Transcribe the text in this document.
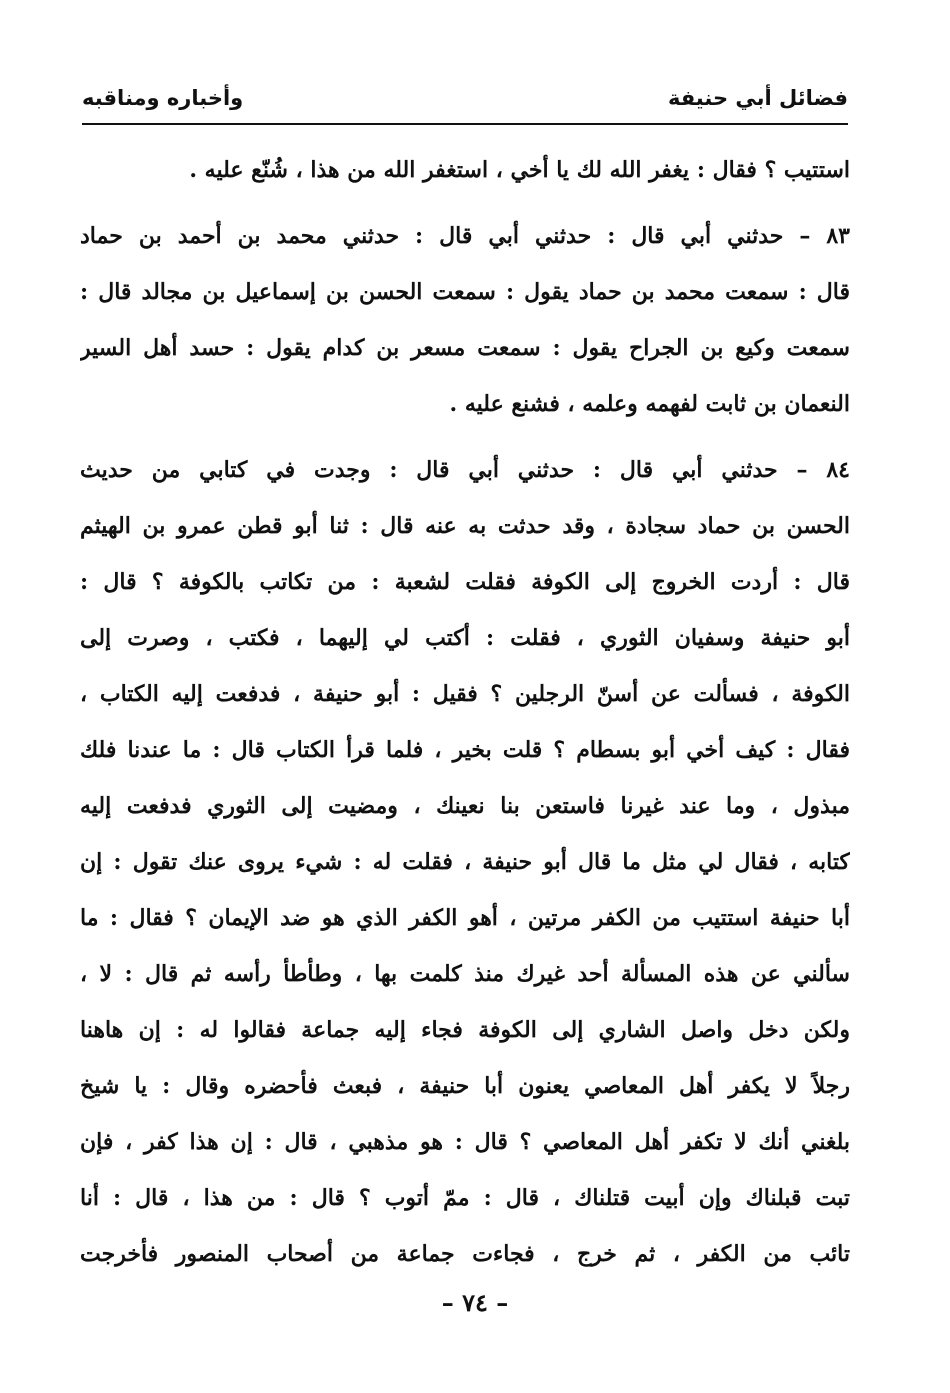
فضائل أبي حنيفة
وأخباره ومناقبه
استتيب ؟ فقال : يغفر الله لك يا أخي ، استغفر الله من هذا ، شُنّع عليه .
٨٣ – حدثني أبي قال : حدثني أبي قال : حدثني محمد بن أحمد بن حماد
قال : سمعت محمد بن حماد يقول : سمعت الحسن بن إسماعيل بن مجالد قال :
سمعت وكيع بن الجراح يقول : سمعت مسعر بن كدام يقول : حسد أهل السير
النعمان بن ثابت لفهمه وعلمه ، فشنع عليه .
٨٤ – حدثني أبي قال : حدثني أبي قال : وجدت في كتابي من حديث
الحسن بن حماد سجادة ، وقد حدثت به عنه قال : ثنا أبو قطن عمرو بن الهيثم
قال : أردت الخروج إلى الكوفة فقلت لشعبة : من تكاتب بالكوفة ؟ قال :
أبو حنيفة وسفيان الثوري ، فقلت : أكتب لي إليهما ، فكتب ، وصرت إلى
الكوفة ، فسألت عن أسنّ الرجلين ؟ فقيل : أبو حنيفة ، فدفعت إليه الكتاب ،
فقال : كيف أخي أبو بسطام ؟ قلت بخير ، فلما قرأ الكتاب قال : ما عندنا فلك
مبذول ، وما عند غيرنا فاستعن بنا نعينك ، ومضيت إلى الثوري فدفعت إليه
كتابه ، فقال لي مثل ما قال أبو حنيفة ، فقلت له : شيء يروى عنك تقول : إن
أبا حنيفة استتيب من الكفر مرتين ، أهو الكفر الذي هو ضد الإيمان ؟ فقال : ما
سألني عن هذه المسألة أحد غيرك منذ كلمت بها ، وطأطأ رأسه ثم قال : لا ،
ولكن دخل واصل الشاري إلى الكوفة فجاء إليه جماعة فقالوا له : إن هاهنا
رجلاً لا يكفر أهل المعاصي يعنون أبا حنيفة ، فبعث فأحضره وقال : يا شيخ
بلغني أنك لا تكفر أهل المعاصي ؟ قال : هو مذهبي ، قال : إن هذا كفر ، فإن
تبت قبلناك وإن أبيت قتلناك ، قال : ممّ أتوب ؟ قال : من هذا ، قال : أنا
تائب من الكفر ، ثم خرج ، فجاءت جماعة من أصحاب المنصور فأخرجت
– ٧٤ –
